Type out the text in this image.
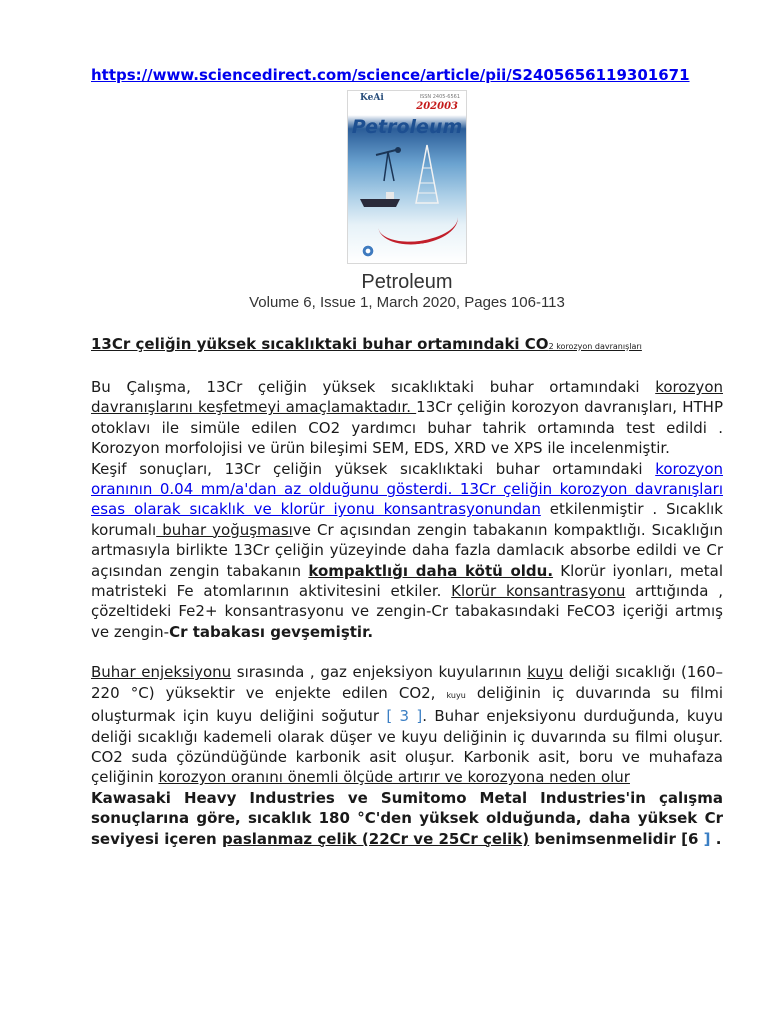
https://www.sciencedirect.com/science/article/pii/S2405656119301671
KeAi	ISSN 2405-6561
202003
Petroleum
Petroleum
Volume 6, Issue 1, March 2020, Pages 106-113
13Cr çeliğin yüksek sıcaklıktaki buhar ortamındaki CO2 korozyon davranışları

Bu Çalışma, 13Cr çeliğin yüksek sıcaklıktaki buhar ortamındaki korozyon davranışlarını keşfetmeyi amaçlamaktadır. 13Cr çeliğin korozyon davranışları, HTHP otoklavı ile simüle edilen CO2 yardımcı buhar tahrik ortamında test edildi . Korozyon morfolojisi ve ürün bileşimi SEM, EDS, XRD ve XPS ile incelenmiştir.
Keşif sonuçları, 13Cr çeliğin yüksek sıcaklıktaki buhar ortamındaki korozyon oranının 0.04 mm/a'dan az olduğunu gösterdi. 13Cr çeliğin korozyon davranışları esas olarak sıcaklık ve klorür iyonu konsantrasyonundan etkilenmiştir . Sıcaklık korumalı buhar yoğuşmasıve Cr açısından zengin tabakanın kompaktlığı. Sıcaklığın artmasıyla birlikte 13Cr çeliğin yüzeyinde daha fazla damlacık absorbe edildi ve Cr açısından zengin tabakanın kompaktlığı daha kötü oldu. Klorür iyonları, metal matristeki Fe atomlarının aktivitesini etkiler. Klorür konsantrasyonu arttığında , çözeltideki Fe2+ konsantrasyonu ve zengin-Cr tabakasındaki FeCO3 içeriği artmış ve zengin-Cr tabakası gevşemiştir.

Buhar enjeksiyonu sırasında , gaz enjeksiyon kuyularının kuyu deliği sıcaklığı (160–220 °C) yüksektir ve enjekte edilen CO2, kuyu deliğinin iç duvarında su filmi oluşturmak için kuyu deliğini soğutur [ 3 ]. Buhar enjeksiyonu durduğunda, kuyu deliği sıcaklığı kademeli olarak düşer ve kuyu deliğinin iç duvarında su filmi oluşur. CO2 suda çözündüğünde karbonik asit oluşur. Karbonik asit, boru ve muhafaza çeliğinin korozyon oranını önemli ölçüde artırır ve korozyona neden olur
Kawasaki Heavy Industries ve Sumitomo Metal Industries'in çalışma sonuçlarına göre, sıcaklık 180 °C'den yüksek olduğunda, daha yüksek Cr seviyesi içeren paslanmaz çelik (22Cr ve 25Cr çelik) benimsenmelidir [6 ] .
